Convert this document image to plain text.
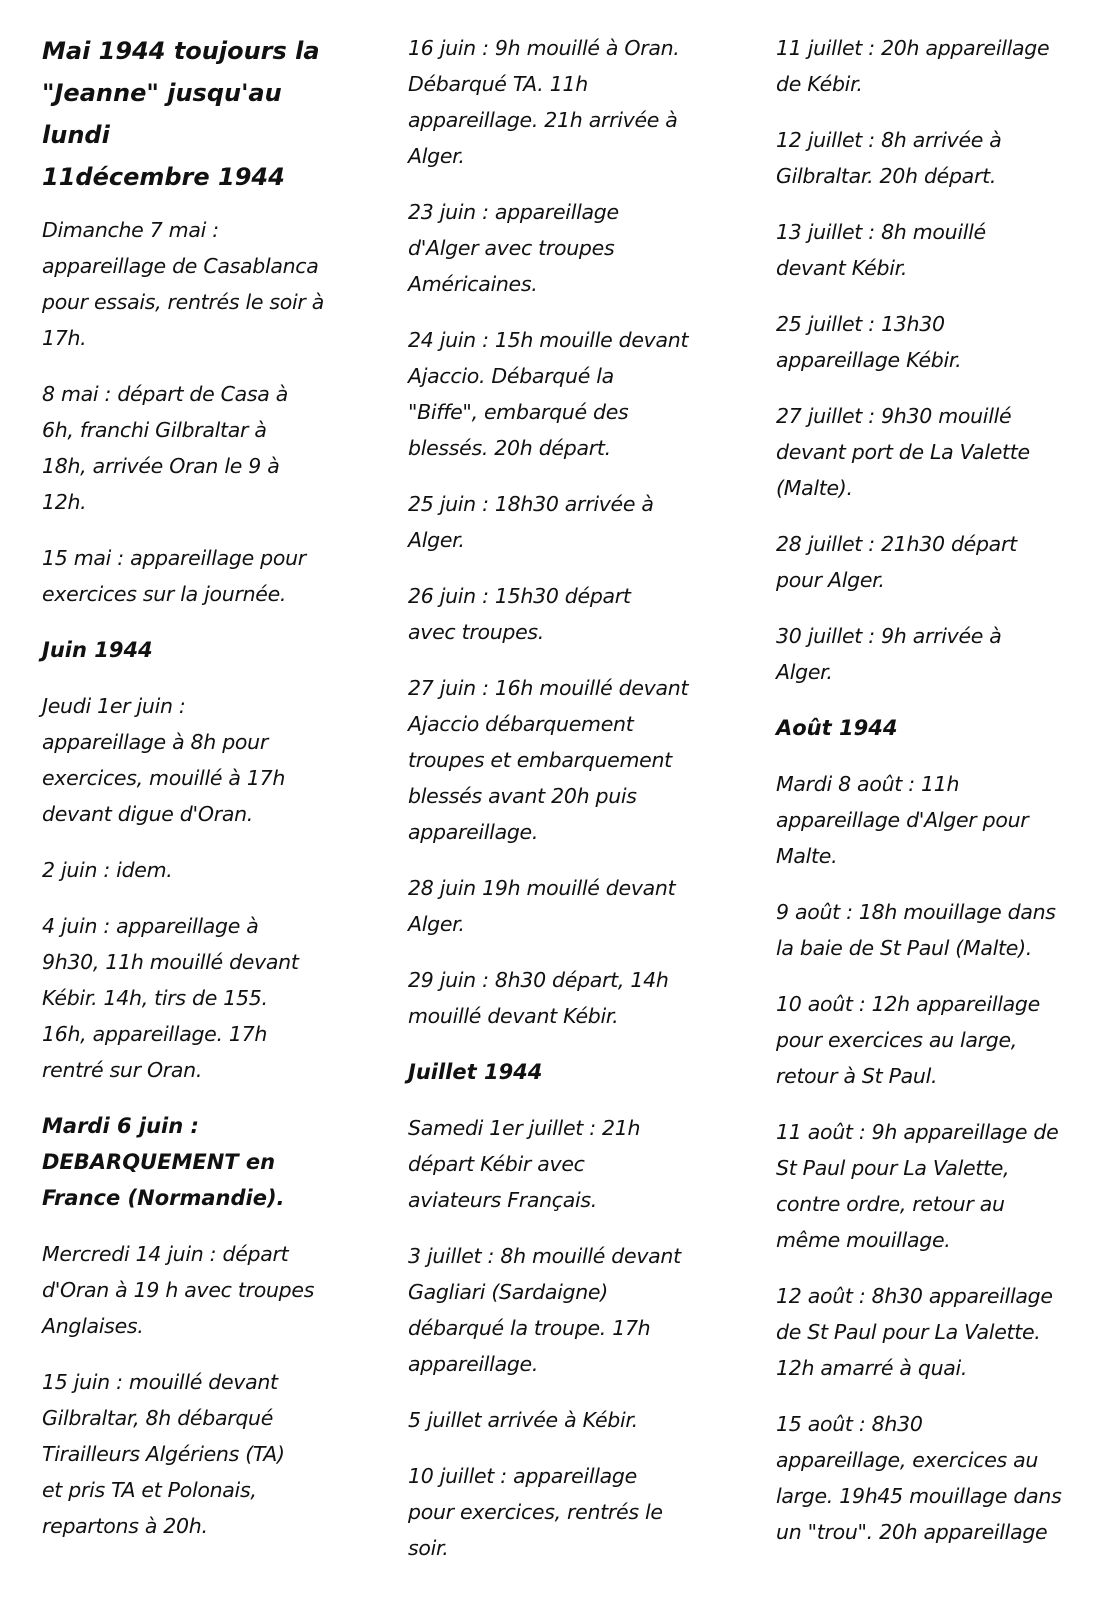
Mai 1944 toujours la
"Jeanne" jusqu'au lundi
11décembre 1944
Dimanche 7 mai :
appareillage de Casablanca
pour essais, rentrés le soir à
17h.
8 mai : départ de Casa à
6h, franchi Gilbraltar à
18h, arrivée Oran le 9 à
12h.
15 mai : appareillage pour
exercices sur la journée.
Juin 1944
Jeudi 1er juin :
appareillage à 8h pour
exercices, mouillé à 17h
devant digue d'Oran.
2 juin : idem.
4 juin : appareillage à
9h30, 11h mouillé devant
Kébir. 14h, tirs de 155.
16h, appareillage. 17h
rentré sur Oran.
Mardi 6 juin :
DEBARQUEMENT en
France (Normandie).
Mercredi 14 juin : départ
d'Oran à 19 h avec troupes
Anglaises.
15 juin : mouillé devant
Gilbraltar, 8h débarqué
Tirailleurs Algériens (TA)
et pris TA et Polonais,
repartons à 20h.
16 juin : 9h mouillé à Oran.
Débarqué TA. 11h
appareillage. 21h arrivée à
Alger.
23 juin : appareillage
d'Alger avec troupes
Américaines.
24 juin : 15h mouille devant
Ajaccio. Débarqué la
"Biffe", embarqué des
blessés. 20h départ.
25 juin : 18h30 arrivée à
Alger.
26 juin : 15h30 départ
avec troupes.
27 juin : 16h mouillé devant
Ajaccio débarquement
troupes et embarquement
blessés avant 20h puis
appareillage.
28 juin 19h mouillé devant
Alger.
29 juin : 8h30 départ, 14h
mouillé devant Kébir.
Juillet 1944
Samedi 1er juillet : 21h
départ Kébir avec
aviateurs Français.
3 juillet : 8h mouillé devant
Gagliari (Sardaigne)
débarqué la troupe. 17h
appareillage.
5 juillet arrivée à Kébir.
10 juillet : appareillage
pour exercices, rentrés le
soir.
11 juillet : 20h appareillage
de Kébir.
12 juillet : 8h arrivée à
Gilbraltar. 20h départ.
13 juillet : 8h mouillé
devant Kébir.
25 juillet : 13h30
appareillage Kébir.
27 juillet : 9h30 mouillé
devant port de La Valette
(Malte).
28 juillet : 21h30 départ
pour Alger.
30 juillet : 9h arrivée à
Alger.
Août 1944
Mardi 8 août : 11h
appareillage d'Alger pour
Malte.
9 août : 18h mouillage dans
la baie de St Paul (Malte).
10 août : 12h appareillage
pour exercices au large,
retour à St Paul.
11 août : 9h appareillage de
St Paul pour La Valette,
contre ordre, retour au
même mouillage.
12 août : 8h30 appareillage
de St Paul pour La Valette.
12h amarré à quai.
15 août : 8h30
appareillage, exercices au
large. 19h45 mouillage dans
un "trou". 20h appareillage
